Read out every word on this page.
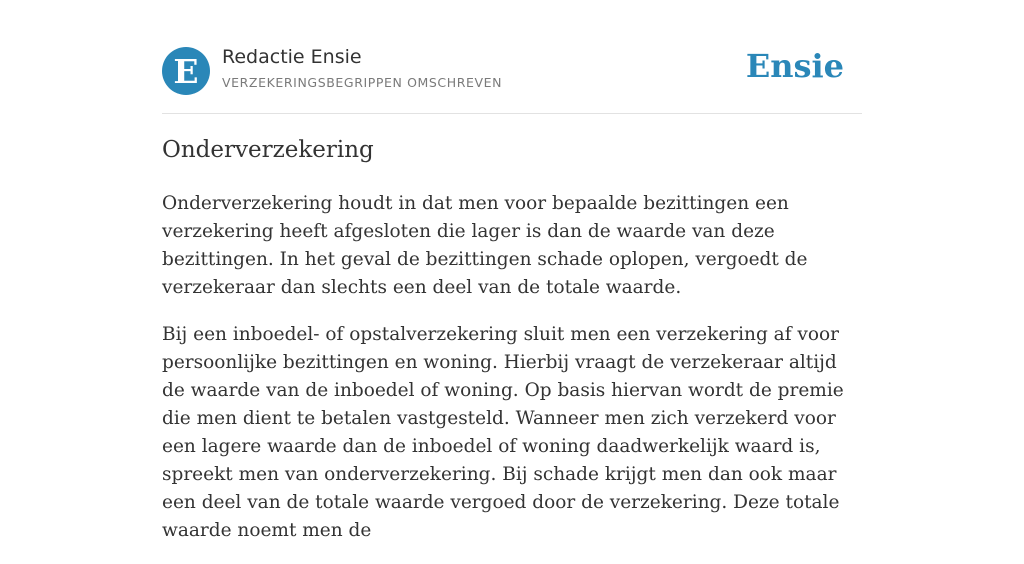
E	Redactie Ensie
VERZEKERINGSBEGRIPPEN OMSCHREVEN	Ensie
Onderverzekering

Onderverzekering houdt in dat men voor bepaalde bezittingen een verzekering heeft afgesloten die lager is dan de waarde van deze bezittingen. In het geval de bezittingen schade oplopen, vergoedt de verzekeraar dan slechts een deel van de totale waarde.

Bij een inboedel- of opstalverzekering sluit men een verzekering af voor persoonlijke bezittingen en woning. Hierbij vraagt de verzekeraar altijd de waarde van de inboedel of woning. Op basis hiervan wordt de premie die men dient te betalen vastgesteld. Wanneer men zich verzekerd voor een lagere waarde dan de inboedel of woning daadwerkelijk waard is, spreekt men van onderverzekering. Bij schade krijgt men dan ook maar een deel van de totale waarde vergoed door de verzekering. Deze totale waarde noemt men de
